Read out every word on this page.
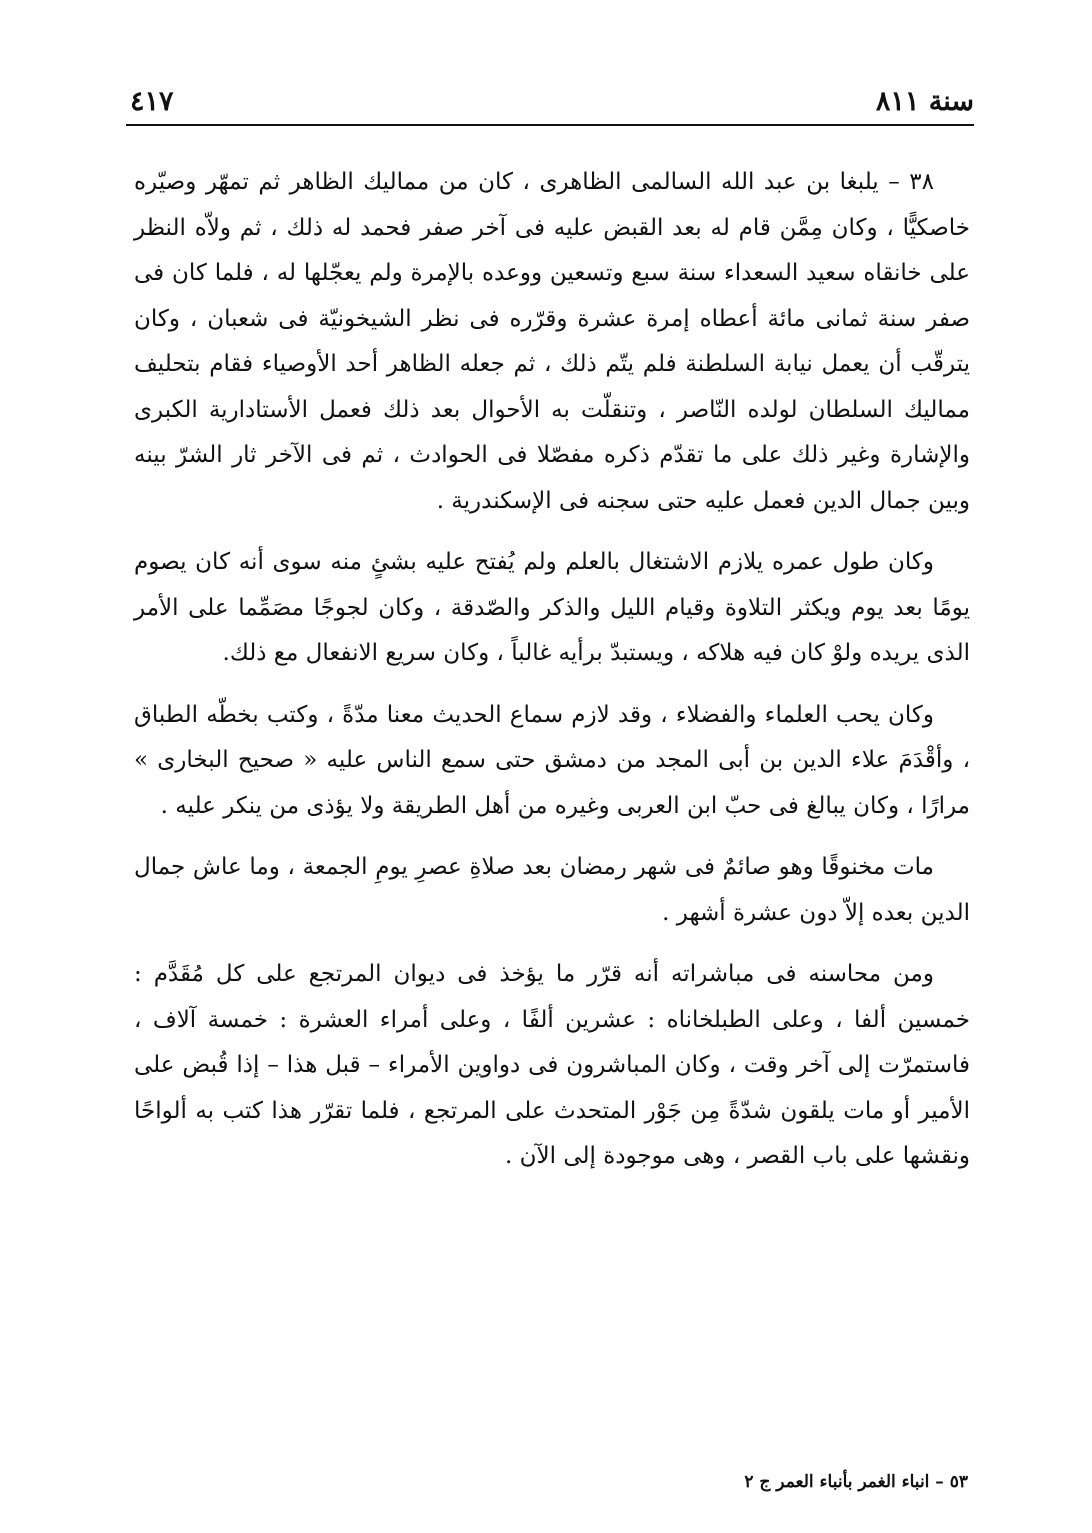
سنة ٨١١
٤١٧

٣٨ – يلبغا بن عبد الله السالمى الظاهرى ، كان من مماليك الظاهر ثم تمهّر وصيّره خاصكيًّا ، وكان مِمَّن قام له بعد القبض عليه فى آخر صفر فحمد له ذلك ، ثم ولاّه النظر على خانقاه سعيد السعداء سنة سبع وتسعين ووعده بالإمرة ولم يعجّلها له ، فلما كان فى صفر سنة ثمانى مائة أعطاه إمرة عشرة وقرّره فى نظر الشيخونيّة فى شعبان ، وكان يترقّب أن يعمل نيابة السلطنة فلم يتّم ذلك ، ثم جعله الظاهر أحد الأوصياء فقام بتحليف مماليك السلطان لولده النّاصر ، وتنقلّت به الأحوال بعد ذلك فعمل الأستادارية الكبرى والإشارة وغير ذلك على ما تقدّم ذكره مفصّلا فى الحوادث ، ثم فى الآخر ثار الشرّ بينه وبين جمال الدين فعمل عليه حتى سجنه فى الإسكندرية .

وكان طول عمره يلازم الاشتغال بالعلم ولم يُفتح عليه بشئٍ منه سوى أنه كان يصوم يومًا بعد يوم ويكثر التلاوة وقيام الليل والذكر والصّدقة ، وكان لجوجًا مصَمِّما على الأمر الذى يريده ولوْ كان فيه هلاكه ، ويستبدّ برأيه غالباً ، وكان سريع الانفعال مع ذلك.

وكان يحب العلماء والفضلاء ، وقد لازم سماع الحديث معنا مدّةً ، وكتب بخطّه الطباق ، وأقْدَمَ علاء الدين بن أبى المجد من دمشق حتى سمع الناس عليه « صحيح البخارى » مرارًا ، وكان يبالغ فى حبّ ابن العربى وغيره من أهل الطريقة ولا يؤذى من ينكر عليه .

مات مخنوقًا وهو صائمٌ فى شهر رمضان بعد صلاةِ عصرِ يومِ الجمعة ، وما عاش جمال الدين بعده إلاّ دون عشرة أشهر .

ومن محاسنه فى مباشراته أنه قرّر ما يؤخذ فى ديوان المرتجع على كل مُقَدَّم : خمسين ألفا ، وعلى الطبلخاناه : عشرين ألفًا ، وعلى أمراء العشرة : خمسة آلاف ، فاستمرّت إلى آخر وقت ، وكان المباشرون فى دواوين الأمراء – قبل هذا – إذا قُبض على الأمير أو مات يلقون شدّةً مِن جَوْر المتحدث على المرتجع ، فلما تقرّر هذا كتب به ألواحًا ونقشها على باب القصر ، وهى موجودة إلى الآن .

٥٣ – انباء الغمر بأنباء العمر ج ٢
